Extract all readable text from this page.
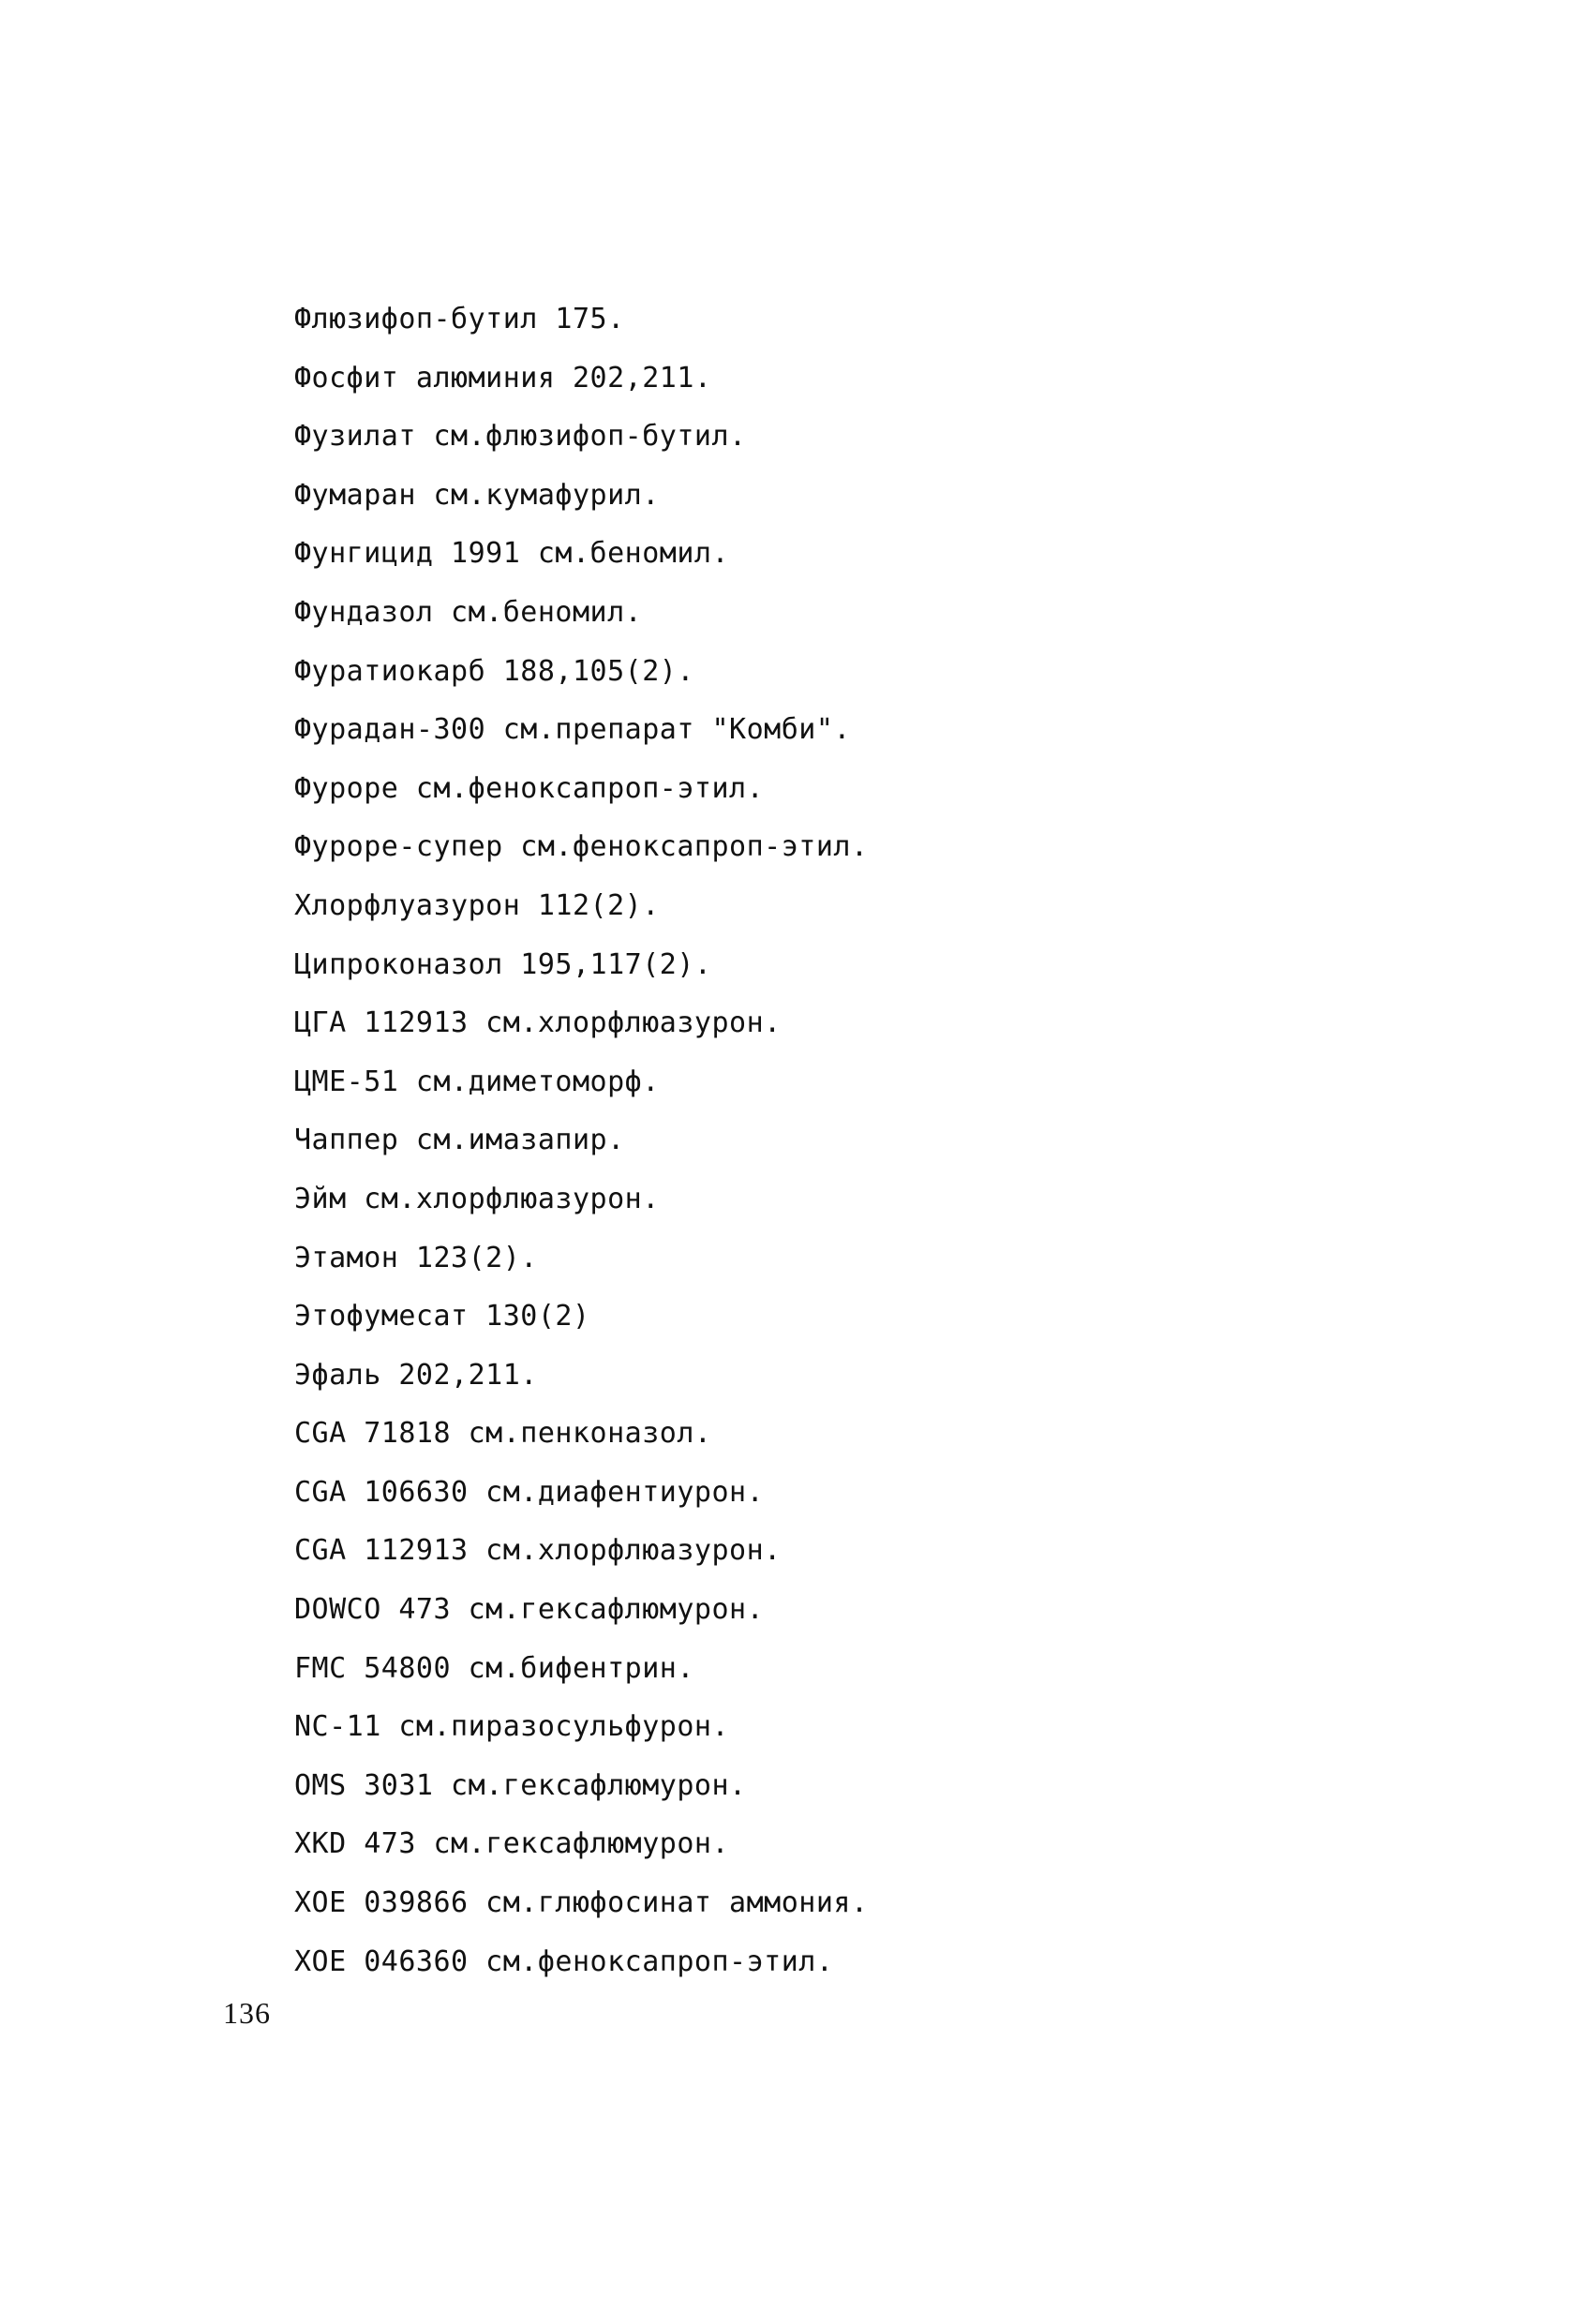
Флюзифоп-бутил 175.
Фосфит алюминия 202,211.
Фузилат см.флюзифоп-бутил.
Фумаран см.кумафурил.
Фунгицид 1991 см.беномил.
Фундазол см.беномил.
Фуратиокарб 188,105(2).
Фурадан-300 см.препарат "Комби".
Фуроре см.феноксапроп-этил.
Фуроре-супер см.феноксапроп-этил.
Хлорфлуазурон 112(2).
Ципроконазол 195,117(2).
ЦГА 112913 см.хлорфлюазурон.
ЦМЕ-51 см.диметоморф.
Чаппер см.имазапир.
Эйм см.хлорфлюазурон.
Этамон 123(2).
Этофумесат 130(2)
Эфаль 202,211.
CGA 71818 см.пенконазол.
CGA 106630 см.диафентиурон.
CGA 112913 см.хлорфлюазурон.
DOWCO 473 см.гексафлюмурон.
FMC 54800 см.бифентрин.
NC-11 см.пиразосульфурон.
OMS 3031 см.гексафлюмурон.
XKD 473 см.гексафлюмурон.
XOE 039866 см.глюфосинат аммония.
XOE 046360 см.феноксапроп-этил.
136
